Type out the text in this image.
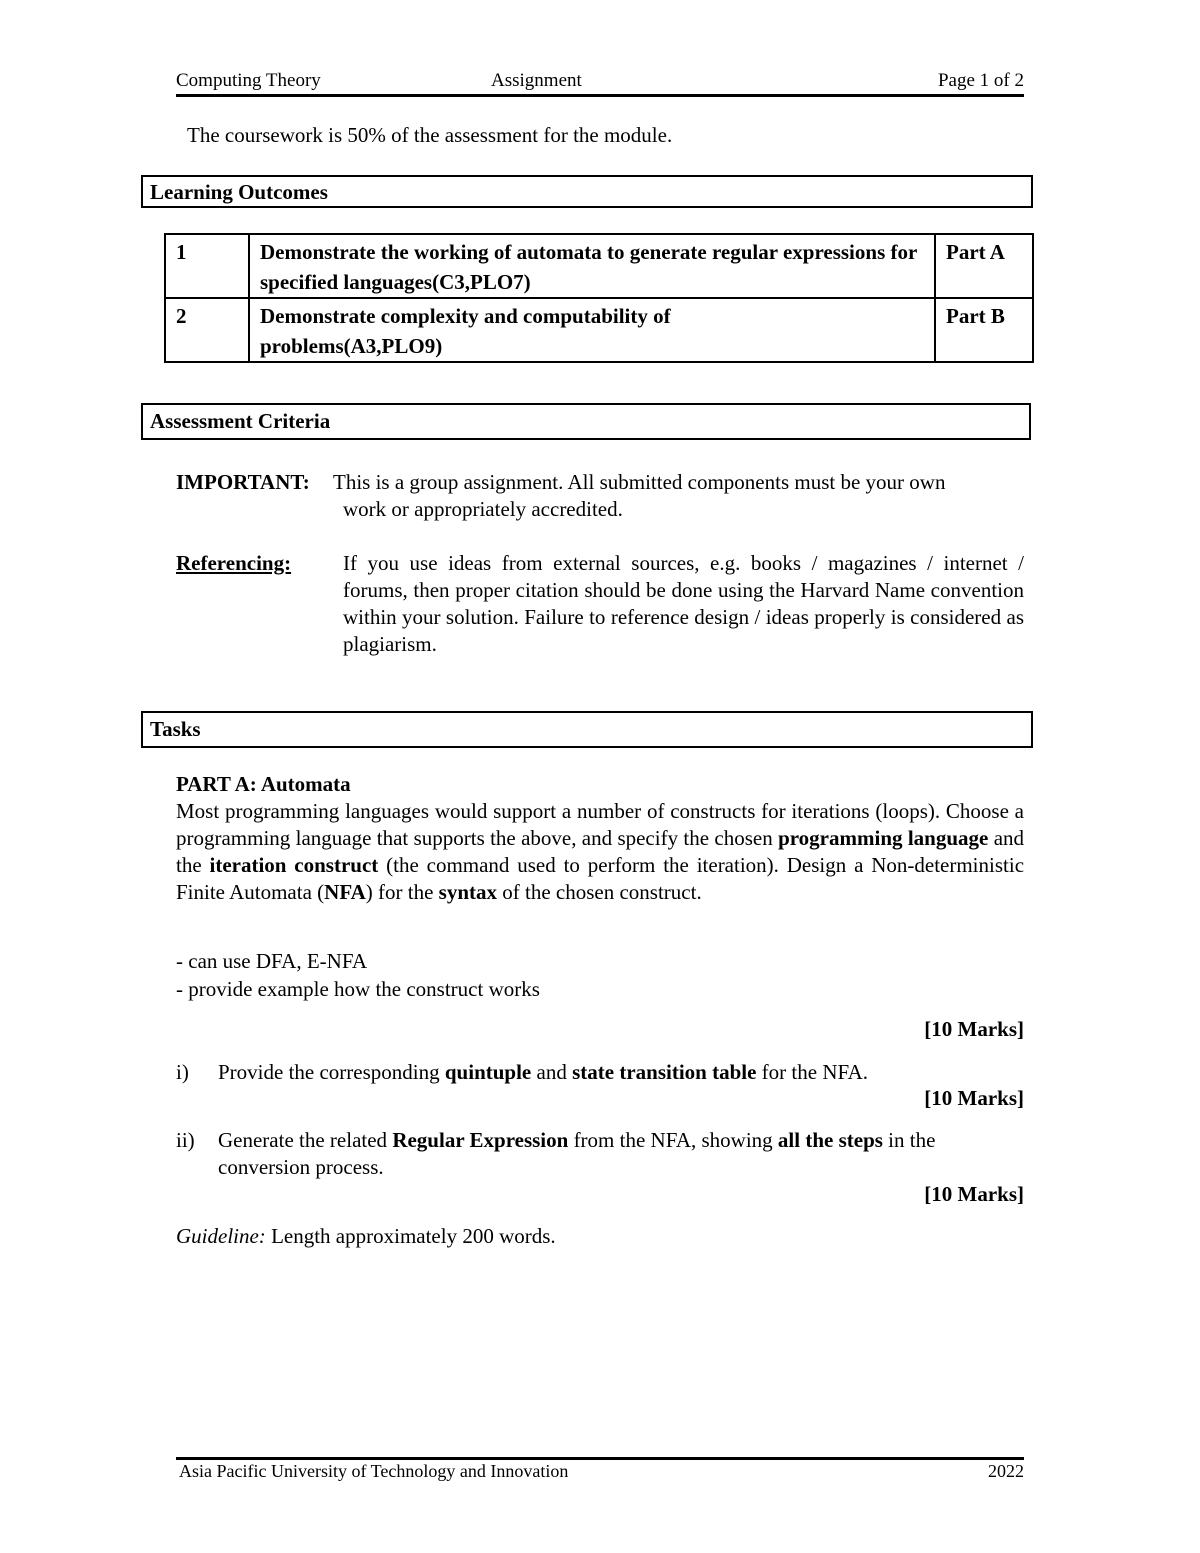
Computing Theory	Assignment	Page 1 of 2
The coursework is 50% of the assessment for the module.
Learning Outcomes
1	Demonstrate the working of automata to generate regular expressions for specified languages(C3,PLO7)	Part A
2	Demonstrate complexity and computability of problems(A3,PLO9)	Part B
Assessment Criteria
IMPORTANT: This is a group assignment. All submitted components must be your own
work or appropriately accredited.
Referencing: If you use ideas from external sources, e.g. books / magazines / internet / forums, then proper citation should be done using the Harvard Name convention within your solution. Failure to reference design / ideas properly is considered as plagiarism.
Tasks
PART A: Automata
Most programming languages would support a number of constructs for iterations (loops). Choose a programming language that supports the above, and specify the chosen programming language and the iteration construct (the command used to perform the iteration). Design a Non-deterministic Finite Automata (NFA) for the syntax of the chosen construct.
- can use DFA, E-NFA
- provide example how the construct works
[10 Marks]
i) Provide the corresponding quintuple and state transition table for the NFA.
[10 Marks]
ii) Generate the related Regular Expression from the NFA, showing all the steps in the conversion process.
[10 Marks]
Guideline: Length approximately 200 words.
Asia Pacific University of Technology and Innovation	2022
